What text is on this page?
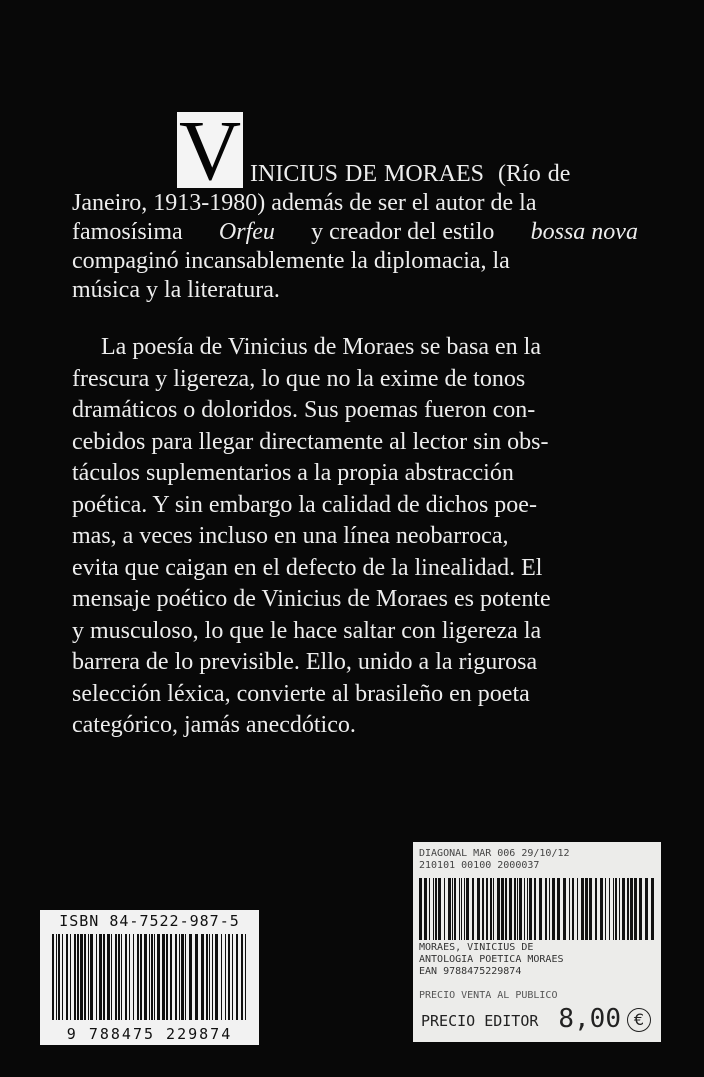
V INICIUS DE MORAES (Río de
Janeiro, 1913-1980) además de ser el autor de la
famosísima Orfeu y creador del estilo bossa nova
compaginó incansablemente la diplomacia, la
música y la literatura.
La poesía de Vinicius de Moraes se basa en la
frescura y ligereza, lo que no la exime de tonos
dramáticos o doloridos. Sus poemas fueron con-
cebidos para llegar directamente al lector sin obs-
táculos suplementarios a la propia abstracción
poética. Y sin embargo la calidad de dichos poe-
mas, a veces incluso en una línea neobarroca,
evita que caigan en el defecto de la linealidad. El
mensaje poético de Vinicius de Moraes es potente
y musculoso, lo que le hace saltar con ligereza la
barrera de lo previsible. Ello, unido a la rigurosa
selección léxica, convierte al brasileño en poeta
categórico, jamás anecdótico.
ISBN 84-7522-987-5
9 788475 229874
DIAGONAL MAR 006 29/10/12
210101 00100 2000037
MORAES, VINICIUS DE
ANTOLOGIA POETICA MORAES
EAN 9788475229874
PRECIO VENTA AL PUBLICO
PRECIO EDITOR 8,00 €
